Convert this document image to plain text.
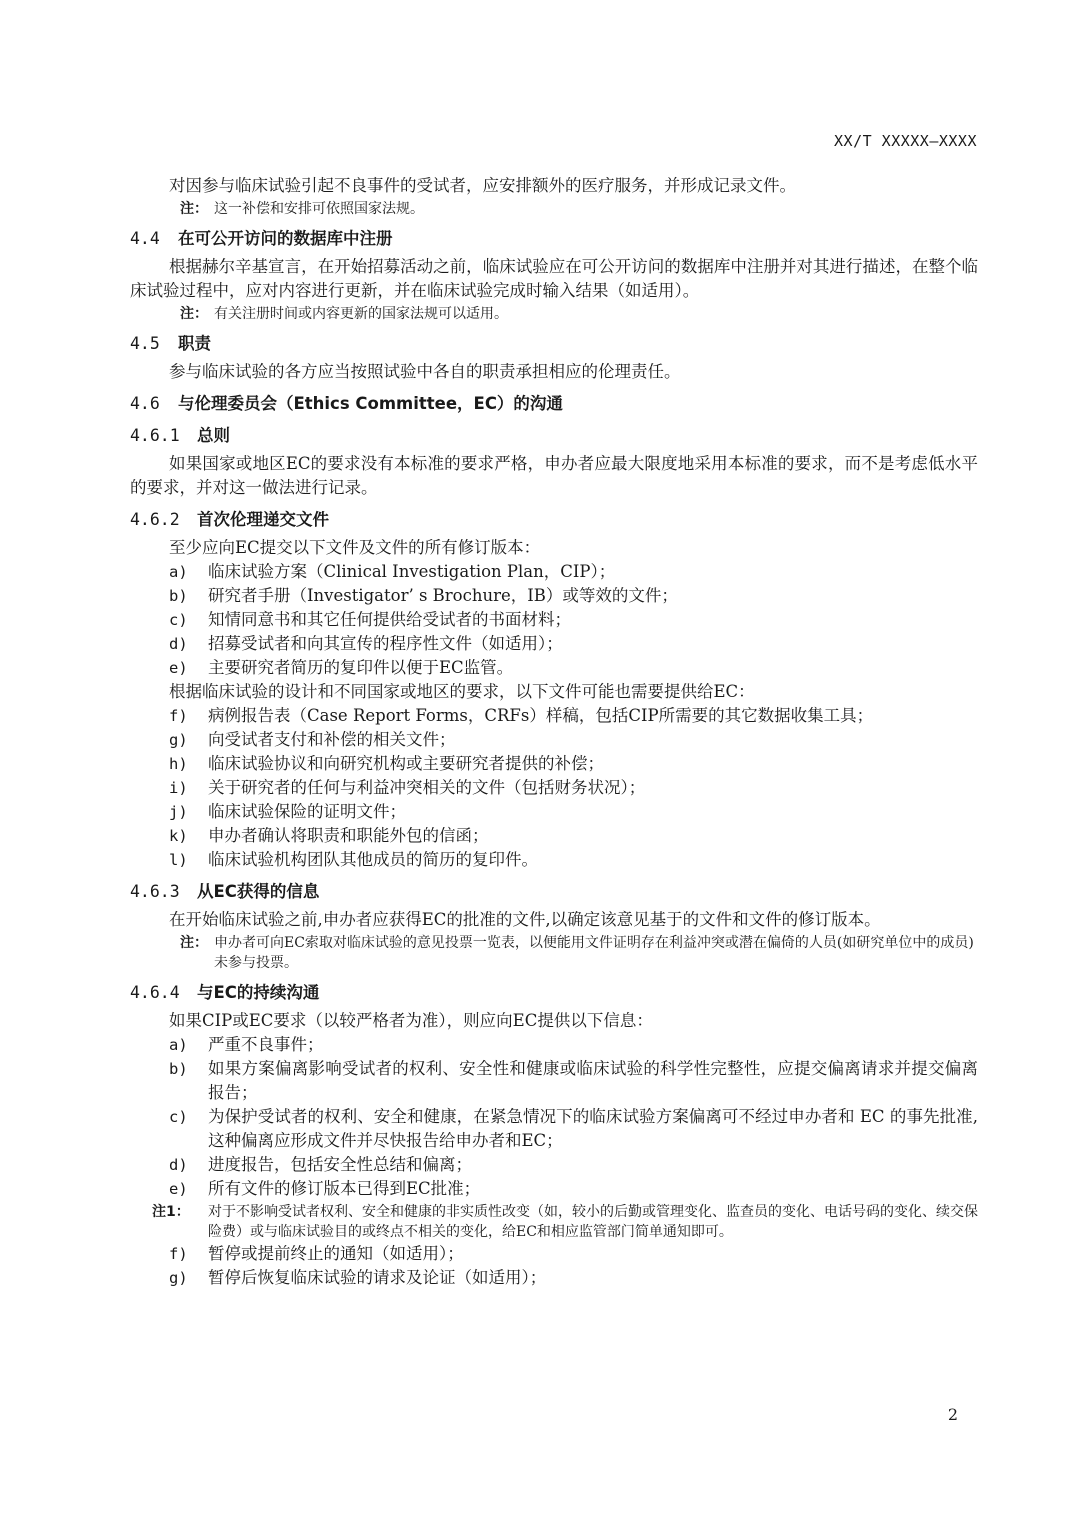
XX/T XXXXX—XXXX

对因参与临床试验引起不良事件的受试者，应安排额外的医疗服务，并形成记录文件。

注： 这一补偿和安排可依照国家法规。
4.4	在可公开访问的数据库中注册

根据赫尔辛基宣言，在开始招募活动之前，临床试验应在可公开访问的数据库中注册并对其进行描述，在整个临床试验过程中，应对内容进行更新，并在临床试验完成时输入结果（如适用）。

注： 有关注册时间或内容更新的国家法规可以适用。
4.5	职责

参与临床试验的各方应当按照试验中各自的职责承担相应的伦理责任。

4.6	与伦理委员会（Ethics Committee，EC）的沟通
4.6.1	总则

如果国家或地区EC的要求没有本标准的要求严格，申办者应最大限度地采用本标准的要求，而不是考虑低水平的要求，并对这一做法进行记录。

4.6.2	首次伦理递交文件

至少应向EC提交以下文件及文件的所有修订版本：

a)	临床试验方案（Clinical Investigation Plan，CIP）；
b)	研究者手册（Investigator’ s Brochure，IB）或等效的文件；
c)	知情同意书和其它任何提供给受试者的书面材料；
d)	招募受试者和向其宣传的程序性文件（如适用）；
e)	主要研究者简历的复印件以便于EC监管。

根据临床试验的设计和不同国家或地区的要求，以下文件可能也需要提供给EC：

f)	病例报告表（Case Report Forms，CRFs）样稿，包括CIP所需要的其它数据收集工具；
g)	向受试者支付和补偿的相关文件；
h)	临床试验协议和向研究机构或主要研究者提供的补偿；
i)	关于研究者的任何与利益冲突相关的文件（包括财务状况）；
j)	临床试验保险的证明文件；
k)	申办者确认将职责和职能外包的信函；
l)	临床试验机构团队其他成员的简历的复印件。
4.6.3	从EC获得的信息

在开始临床试验之前,申办者应获得EC的批准的文件,以确定该意见基于的文件和文件的修订版本。

注： 申办者可向EC索取对临床试验的意见投票一览表，以便能用文件证明存在利益冲突或潜在偏倚的人员(如研究单位中的成员)未参与投票。
4.6.4	与EC的持续沟通

如果CIP或EC要求（以较严格者为准），则应向EC提供以下信息：

a)	严重不良事件；
b)	如果方案偏离影响受试者的权利、安全性和健康或临床试验的科学性完整性，应提交偏离请求并提交偏离报告；
c)	为保护受试者的权利、安全和健康，在紧急情况下的临床试验方案偏离可不经过申办者和 EC 的事先批准,这种偏离应形成文件并尽快报告给申办者和EC；
d)	进度报告，包括安全性总结和偏离；
e)	所有文件的修订版本已得到EC批准；
注1：	对于不影响受试者权利、安全和健康的非实质性改变（如，较小的后勤或管理变化、监查员的变化、电话号码的变化、续交保险费）或与临床试验目的或终点不相关的变化，给EC和相应监管部门简单通知即可。
f)	暂停或提前终止的通知（如适用）；
g)	暂停后恢复临床试验的请求及论证（如适用）；
2
